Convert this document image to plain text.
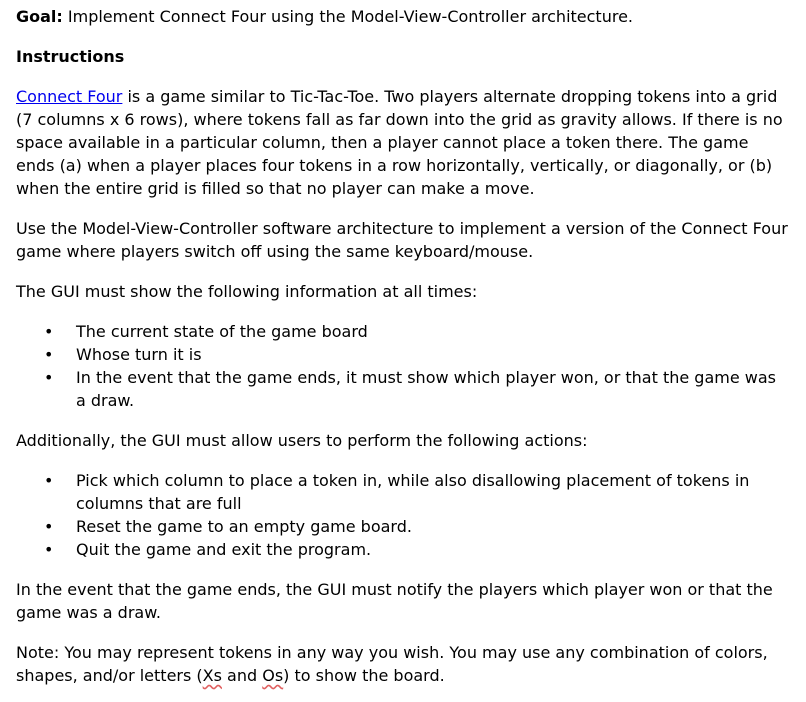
Goal: Implement Connect Four using the Model-View-Controller architecture.

Instructions

Connect Four is a game similar to Tic-Tac-Toe. Two players alternate dropping tokens into a grid (7 columns x 6 rows), where tokens fall as far down into the grid as gravity allows. If there is no space available in a particular column, then a player cannot place a token there. The game ends (a) when a player places four tokens in a row horizontally, vertically, or diagonally, or (b) when the entire grid is filled so that no player can make a move.

Use the Model-View-Controller software architecture to implement a version of the Connect Four game where players switch off using the same keyboard/mouse.

The GUI must show the following information at all times:

• The current state of the game board
• Whose turn it is
• In the event that the game ends, it must show which player won, or that the game was a draw.

Additionally, the GUI must allow users to perform the following actions:

• Pick which column to place a token in, while also disallowing placement of tokens in columns that are full
• Reset the game to an empty game board.
• Quit the game and exit the program.

In the event that the game ends, the GUI must notify the players which player won or that the game was a draw.

Note: You may represent tokens in any way you wish. You may use any combination of colors, shapes, and/or letters (Xs and Os) to show the board.
